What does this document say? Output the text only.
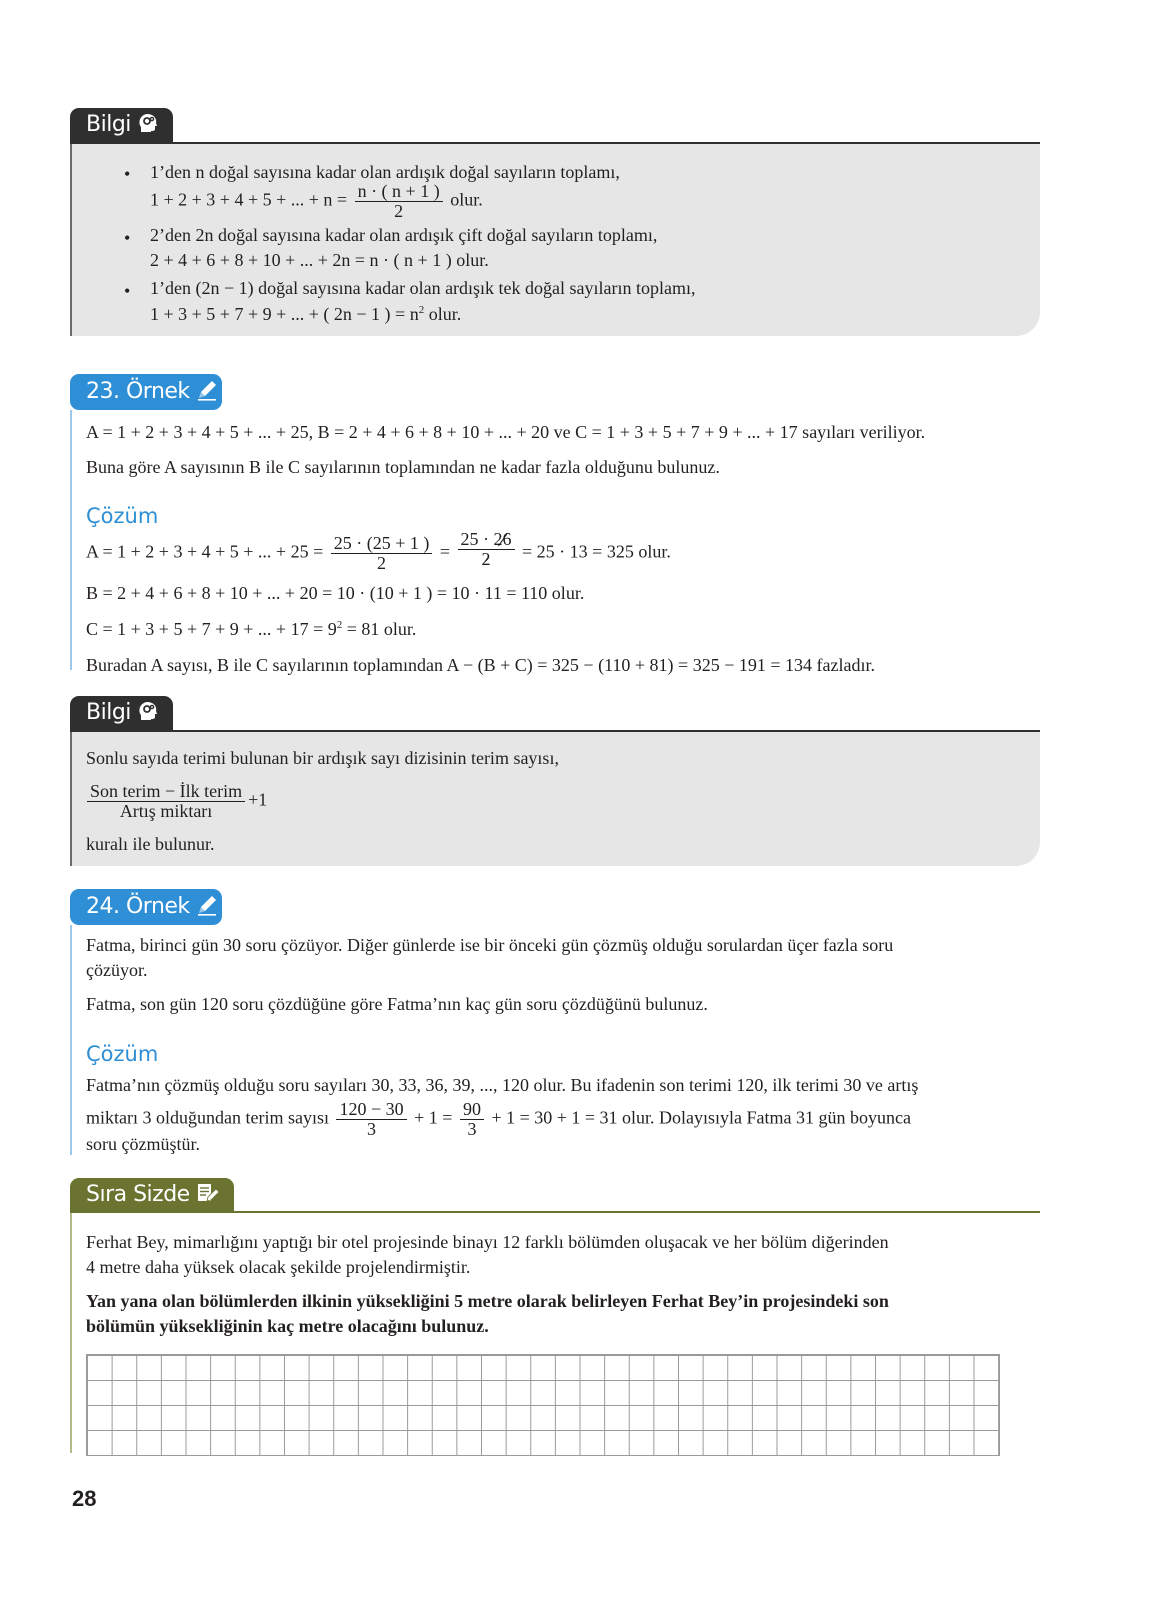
Bilgi
• 1’den n doğal sayısına kadar olan ardışık doğal sayıların toplamı,
1 + 2 + 3 + 4 + 5 + ... + $n = \frac{n \cdot ( n + 1 )}{2}$ olur.
• 2’den 2n doğal sayısına kadar olan ardışık çift doğal sayıların toplamı,
2 + 4 + 6 + 8 + 10 + ... + 2n = n · ( n + 1 ) olur.
• 1’den (2n − 1) doğal sayısına kadar olan ardışık tek doğal sayıların toplamı,
1 + 3 + 5 + 7 + 9 + ... + ( 2n − 1 ) = $n^2$ olur.
23. Örnek
A = 1 + 2 + 3 + 4 + 5 + ... + 25, B = 2 + 4 + 6 + 8 + 10 + ... + 20 ve C = 1 + 3 + 5 + 7 + 9 + ... + 17 sayıları veriliyor.
Buna göre A sayısının B ile C sayılarının toplamından ne kadar fazla olduğunu bulunuz.
Çözüm
A = 1 + 2 + 3 + 4 + 5 + ... + $25 = \frac{25 \cdot (25 + 1 )}{2} = \frac{25 \cdot 26}{2} = 25 \cdot 13 = 325$ olur.
B = 2 + 4 + 6 + 8 + 10 + ... + 20 = 10 · (10 + 1 ) = 10 · 11 = 110 olur.
C = 1 + 3 + 5 + 7 + 9 + ... + $17 = 9^2 = 81$ olur.
Buradan A sayısı, B ile C sayılarının toplamından A − (B + C) = 325 − (110 + 81) = 325 − 191 = 134 fazladır.
Bilgi
Sonlu sayıda terimi bulunan bir ardışık sayı dizisinin terim sayısı,
$\frac{\text{Son terim − İlk terim}}{\text{Artış miktarı}} +1$
kuralı ile bulunur.
24. Örnek
Fatma, birinci gün 30 soru çözüyor. Diğer günlerde ise bir önceki gün çözmüş olduğu sorulardan üçer fazla soru
çözüyor.
Fatma, son gün 120 soru çözdüğüne göre Fatma’nın kaç gün soru çözdüğünü bulunuz.
Çözüm
Fatma’nın çözmüş olduğu soru sayıları 30, 33, 36, 39, ..., 120 olur. Bu ifadenin son terimi 120, ilk terimi 30 ve artış
miktarı 3 olduğundan terim sayısı $\frac{120 - 30}{3} + 1 = \frac{90}{3} + 1 = 30 + 1 = 31$ olur. Dolayısıyla Fatma 31 gün boyunca
soru çözmüştür.
Sıra Sizde
Ferhat Bey, mimarlığını yaptığı bir otel projesinde binayı 12 farklı bölümden oluşacak ve her bölüm diğerinden
4 metre daha yüksek olacak şekilde projelendirmiştir.
Yan yana olan bölümlerden ilkinin yüksekliğini 5 metre olarak belirleyen Ferhat Bey’in projesindeki son
bölümün yüksekliğinin kaç metre olacağını bulunuz.
28
